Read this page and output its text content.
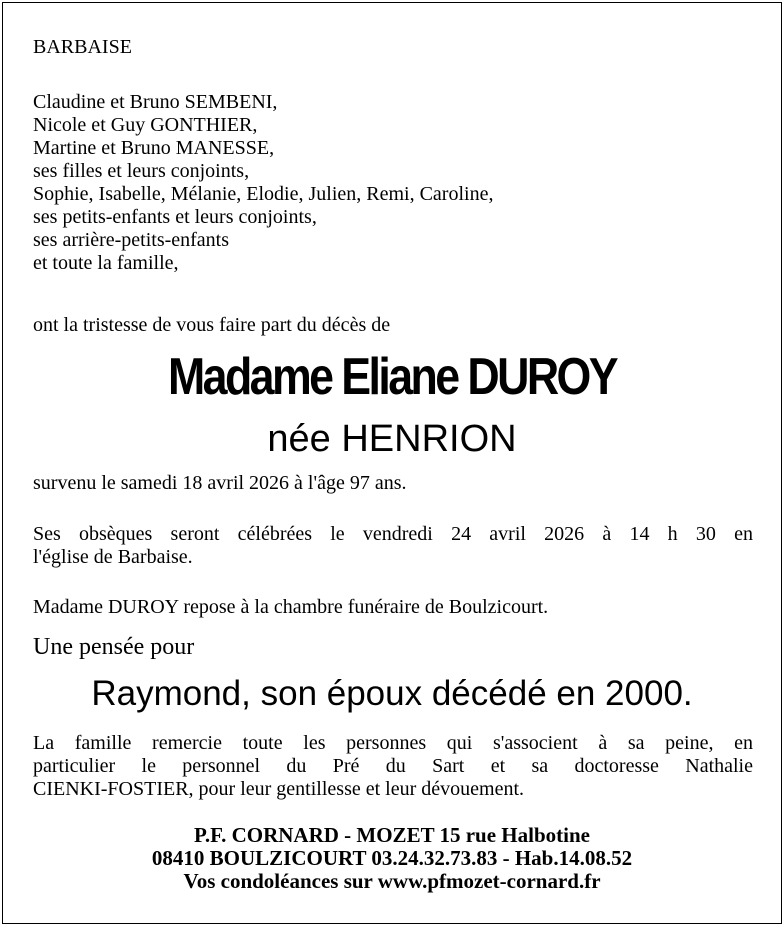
BARBAISE
Claudine et Bruno SEMBENI,
Nicole et Guy GONTHIER,
Martine et Bruno MANESSE,
ses filles et leurs conjoints,
Sophie, Isabelle, Mélanie, Elodie, Julien, Remi, Caroline,
ses petits-enfants et leurs conjoints,
ses arrière-petits-enfants
et toute la famille,
ont la tristesse de vous faire part du décès de
Madame Eliane DUROY
née HENRION
survenu le samedi 18 avril 2026 à l'âge 97 ans.
Ses obsèques seront célébrées le vendredi 24 avril 2026 à 14 h 30 en
l'église de Barbaise.
Madame DUROY repose à la chambre funéraire de Boulzicourt.
Une pensée pour
Raymond, son époux décédé en 2000.
La famille remercie toute les personnes qui s'associent à sa peine, en
particulier le personnel du Pré du Sart et sa doctoresse Nathalie
CIENKI-FOSTIER, pour leur gentillesse et leur dévouement.
P.F. CORNARD - MOZET 15 rue Halbotine
08410 BOULZICOURT 03.24.32.73.83 - Hab.14.08.52
Vos condoléances sur www.pfmozet-cornard.fr
